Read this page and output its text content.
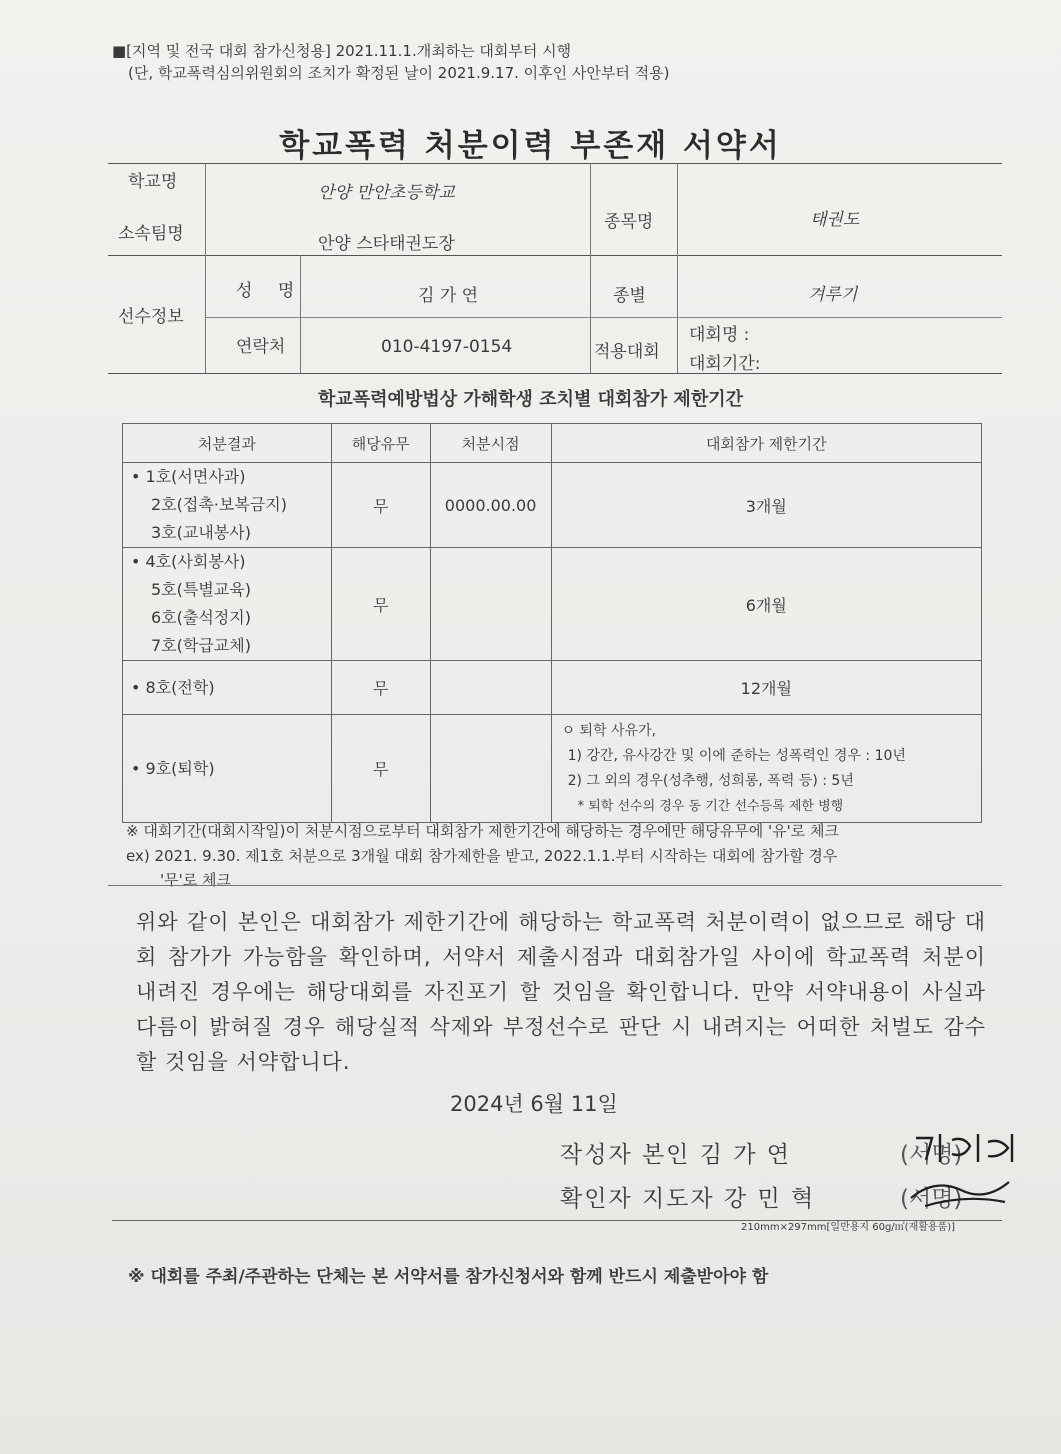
■[지역 및 전국 대회 참가신청용] 2021.11.1.개최하는 대회부터 시행
(단, 학교폭력심의위원회의 조치가 확정된 날이 2021.9.17. 이후인 사안부터 적용)
학교폭력 처분이력 부존재 서약서
학교명
안양 만안초등학교
소속팀명	안양 스타태권도장
종목명	태권도
선수정보
성 명	김 가 연	종별	겨루기
연락처	010-4197-0154	적용대회
대회명 :
대회기간:
학교폭력예방법상 가해학생 조치별 대회참가 제한기간
처분결과	해당유무	처분시점	대회참가 제한기간

• 1호(서면사과)
2호(접촉·보복금지)
3호(교내봉사)	무	0000.00.00	3개월

• 4호(사회봉사)
5호(특별교육)
6호(출석정지)
7호(학급교체)	무		6개월

• 8호(전학)	무		12개월

• 9호(퇴학)	무		ㅇ 퇴학 사유가,
1) 강간, 유사강간 및 이에 준하는 성폭력인 경우 : 10년
2) 그 외의 경우(성추행, 성희롱, 폭력 등) : 5년
* 퇴학 선수의 경우 동 기간 선수등록 제한 병행
※ 대회기간(대회시작일)이 처분시점으로부터 대회참가 제한기간에 해당하는 경우에만 해당유무에 '유'로 체크
ex) 2021. 9.30. 제1호 처분으로 3개월 대회 참가제한을 받고, 2022.1.1.부터 시작하는 대회에 참가할 경우
'무'로 체크
위와 같이 본인은 대회참가 제한기간에 해당하는 학교폭력 처분이력이 없으므로 해당 대회 참가가 가능함을 확인하며, 서약서 제출시점과 대회참가일 사이에 학교폭력 처분이 내려진 경우에는 해당대회를 자진포기 할 것임을 확인합니다. 만약 서약내용이 사실과 다름이 밝혀질 경우 해당실적 삭제와 부정선수로 판단 시 내려지는 어떠한 처벌도 감수할 것임을 서약합니다.
2024년 6월 11일
작성자 본인 김 가 연	(서명)
확인자 지도자 강 민 혁	(서명)
210mm×297mm[일반용지 60g/㎡(재활용품)]
※ 대회를 주최/주관하는 단체는 본 서약서를 참가신청서와 함께 반드시 제출받아야 함
